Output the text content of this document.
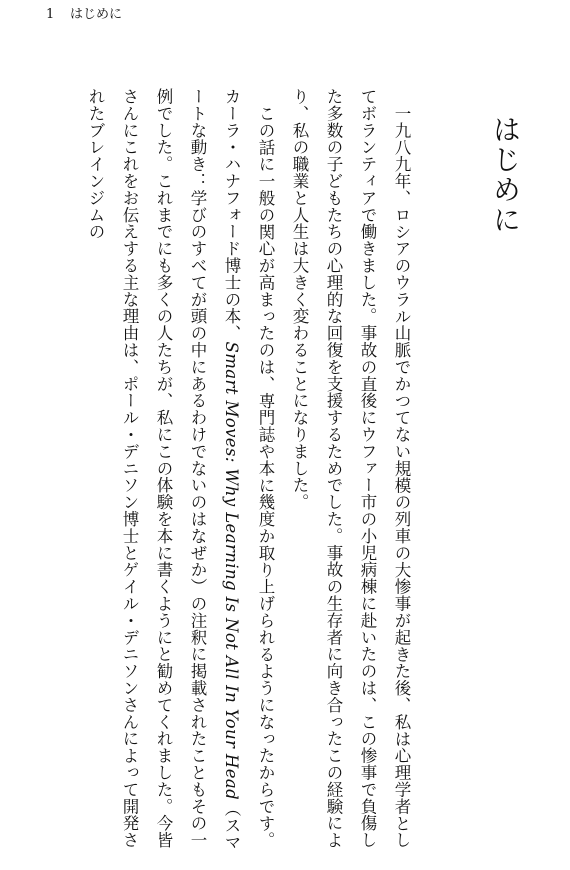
1 はじめに
はじめに

一九八九年、ロシアのウラル山脈でかつてない規模の列車の大惨事が起きた後、私は心理学者としてボランティアで働きました。事故の直後にウファー市の小児病棟に赴いたのは、この惨事で負傷した多数の子どもたちの心理的な回復を支援するためでした。事故の生存者に向き合ったこの経験により、私の職業と人生は大きく変わることになりました。

この話に一般の関心が高まったのは、専門誌や本に幾度か取り上げられるようになったからです。カーラ・ハナフォード博士の本、Smart Moves: Why Learning Is Not All In Your Head（スマートな動き：学びのすべてが頭の中にあるわけでないのはなぜか）の注釈に掲載されたこともその一例でした。これまでにも多くの人たちが、私にこの体験を本に書くようにと勧めてくれました。今皆さんにこれをお伝えする主な理由は、ポール・デニソン博士とゲイル・デニソンさんによって開発されたブレインジムの
